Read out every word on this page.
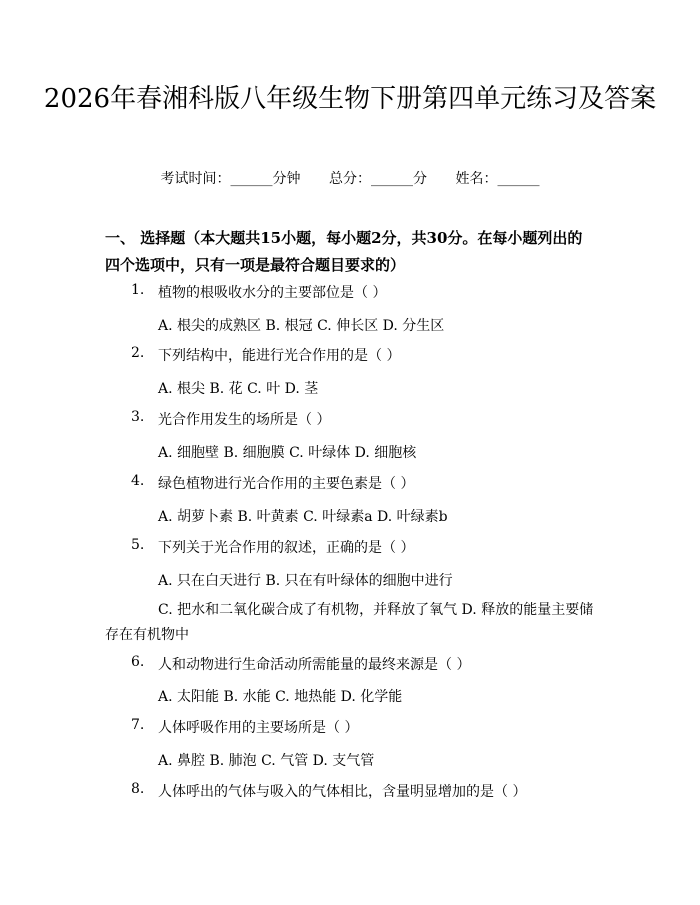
2026年春湘科版八年级生物下册第四单元练习及答案
考试时间：______分钟 总分：______分 姓名：______
一、 选择题（本大题共15小题，每小题2分，共30分。在每小题列出的四个选项中，只有一项是最符合题目要求的）
1. 植物的根吸收水分的主要部位是（ ）
A. 根尖的成熟区 B. 根冠 C. 伸长区 D. 分生区
2. 下列结构中，能进行光合作用的是（ ）
A. 根尖 B. 花 C. 叶 D. 茎
3. 光合作用发生的场所是（ ）
A. 细胞壁 B. 细胞膜 C. 叶绿体 D. 细胞核
4. 绿色植物进行光合作用的主要色素是（ ）
A. 胡萝卜素 B. 叶黄素 C. 叶绿素a D. 叶绿素b
5. 下列关于光合作用的叙述，正确的是（ ）
A. 只在白天进行 B. 只在有叶绿体的细胞中进行
C. 把水和二氧化碳合成了有机物，并释放了氧气 D. 释放的能量主要储存在有机物中
6. 人和动物进行生命活动所需能量的最终来源是（ ）
A. 太阳能 B. 水能 C. 地热能 D. 化学能
7. 人体呼吸作用的主要场所是（ ）
A. 鼻腔 B. 肺泡 C. 气管 D. 支气管
8. 人体呼出的气体与吸入的气体相比，含量明显增加的是（ ）
